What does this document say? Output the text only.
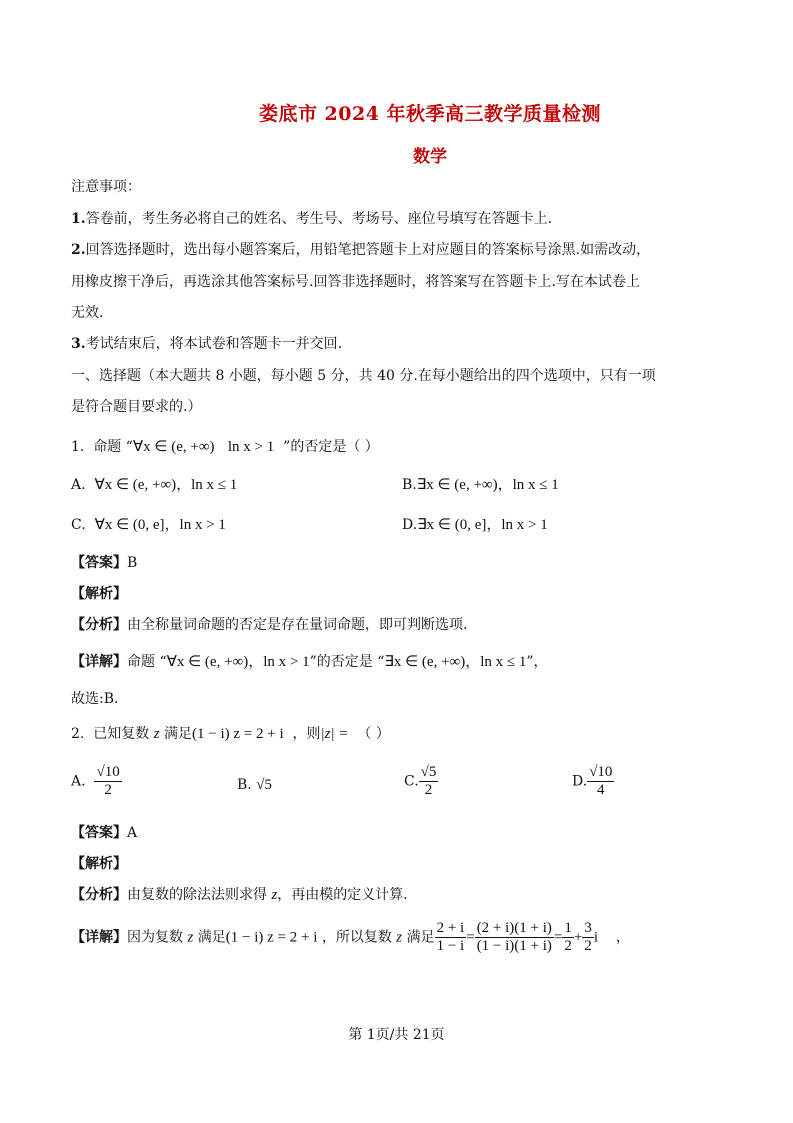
娄底市 2024 年秋季高三教学质量检测
数学
注意事项：
1.答卷前，考生务必将自己的姓名、考生号、考场号、座位号填写在答题卡上.
2.回答选择题时，选出每小题答案后，用铅笔把答题卡上对应题目的答案标号涂黑.如需改动，
用橡皮擦干净后，再选涂其他答案标号.回答非选择题时，将答案写在答题卡上.写在本试卷上
无效.
3.考试结束后，将本试卷和答题卡一并交回.
一、选择题（本大题共 8 小题，每小题 5 分，共 40 分.在每小题给出的四个选项中，只有一项
是符合题目要求的.）
1. 命题 “∀x ∈ (e, +∞) ln x > 1 ”的否定是（ ）
A. ∀x ∈ (e, +∞)，ln x ≤ 1	B.∃x ∈ (e, +∞)，ln x ≤ 1
C. ∀x ∈ (0, e]，ln x > 1	D.∃x ∈ (0, e]，ln x > 1
【答案】B
【解析】
【分析】由全称量词命题的否定是存在量词命题，即可判断选项.
【详解】命题 “∀x ∈ (e, +∞)，ln x > 1”的否定是 “∃x ∈ (e, +∞)，ln x ≤ 1”，
故选:B.
2. 已知复数 z 满足(1 − i) z = 2 + i ，则|z| = （ ）
A. $\frac{√10}{2}$	B. √5	C. $\frac{√5}{2}$	D. $\frac{√10}{4}$
【答案】A
【解析】
【分析】由复数的除法法则求得 z，再由模的定义计算.
【详解】因为复数 z 满足(1 − i) z = 2 + i ，所以复数 z 满足 $\frac{2 + i}{1 - i} = \frac{(2 + i)(1 + i)}{(1 - i)(1 + i)} = \frac{1}{2} + \frac{3}{2}$ i ，
第 1页/共 21页
